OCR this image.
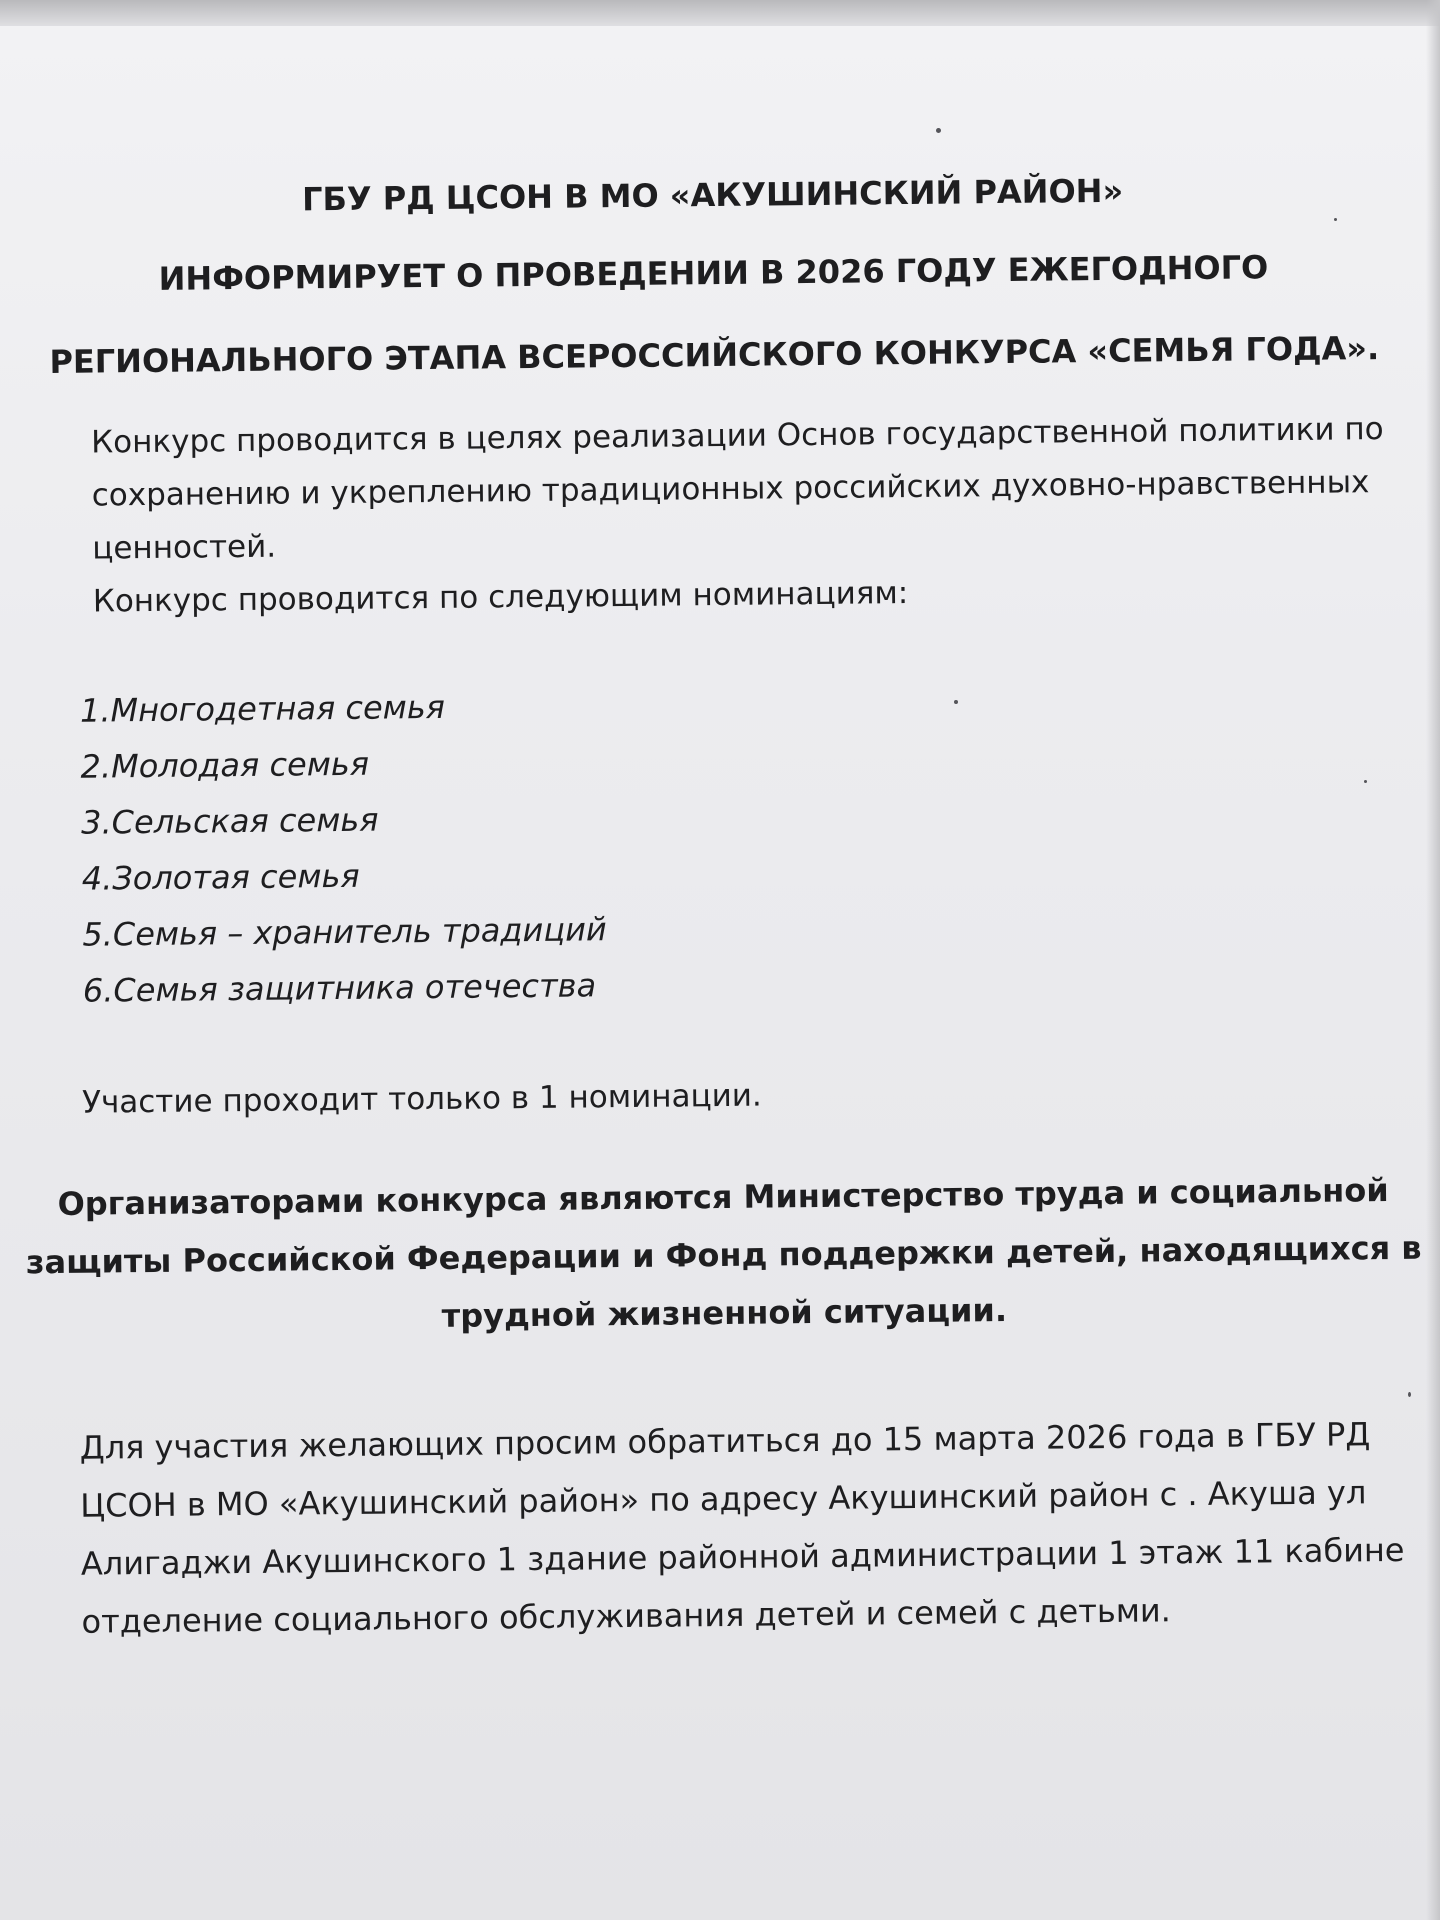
ГБУ РД ЦСОН В МО «АКУШИНСКИЙ РАЙОН»
ИНФОРМИРУЕТ О ПРОВЕДЕНИИ В 2026 ГОДУ ЕЖЕГОДНОГО
РЕГИОНАЛЬНОГО ЭТАПА ВСЕРОССИЙСКОГО КОНКУРСА «СЕМЬЯ ГОДА».
Конкурс проводится в целях реализации Основ государственной политики по
сохранению и укреплению традиционных российских духовно-нравственных
ценностей.
Конкурс проводится по следующим номинациям:
1.Многодетная семья
2.Молодая семья
3.Сельская семья
4.Золотая семья
5.Семья – хранитель традиций
6.Семья защитника отечества
Участие проходит только в 1 номинации.
Организаторами конкурса являются Министерство труда и социальной
защиты Российской Федерации и Фонд поддержки детей, находящихся в
трудной жизненной ситуации.
Для участия желающих просим обратиться до 15 марта 2026 года в ГБУ РД
ЦСОН в МО «Акушинский район» по адресу Акушинский район с . Акуша ул
Алигаджи Акушинского 1 здание районной администрации 1 этаж 11 кабине
отделение социального обслуживания детей и семей с детьми.
